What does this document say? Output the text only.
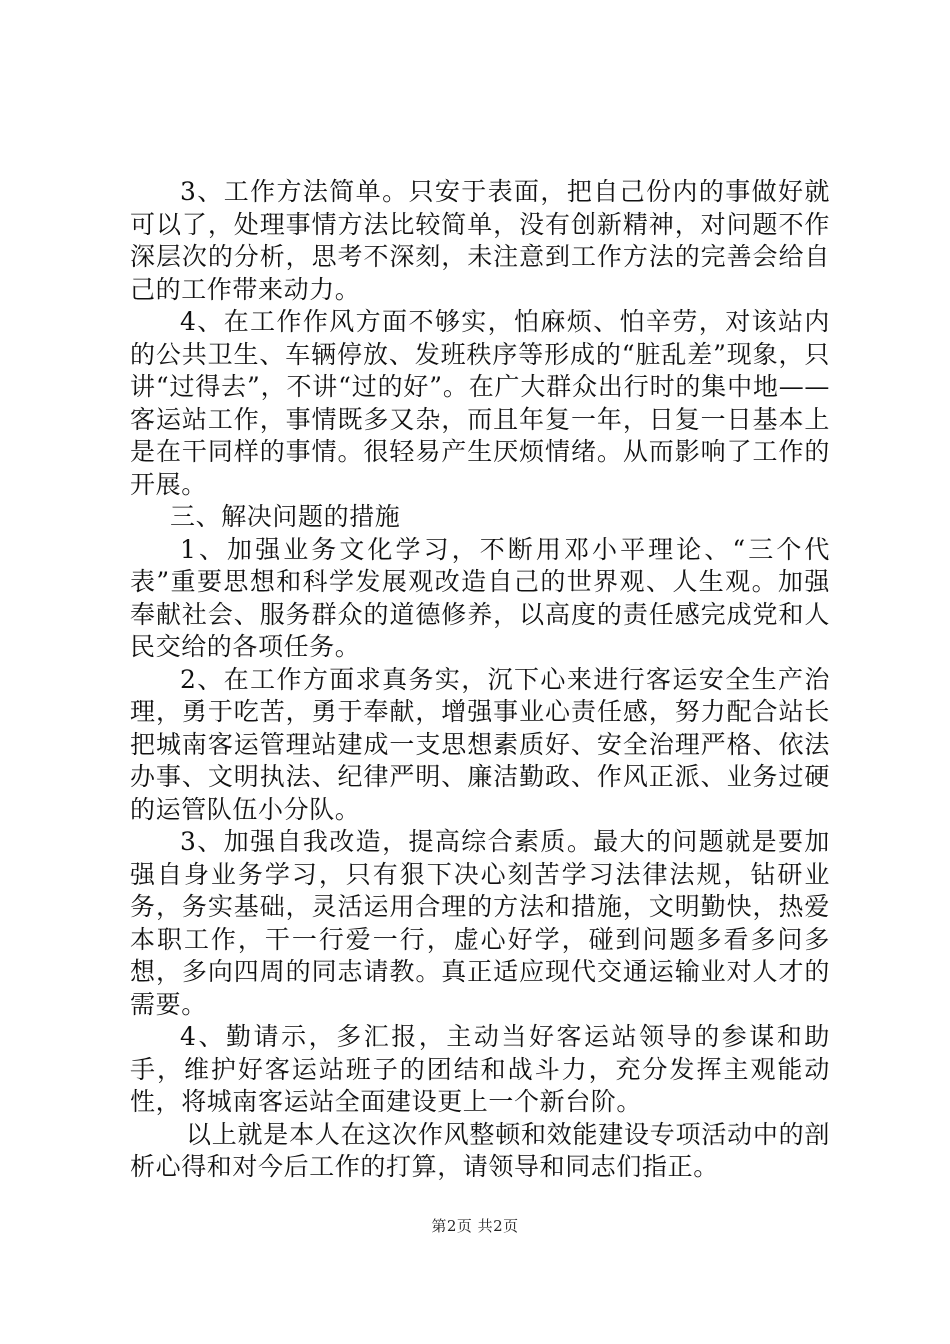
3、工作方法简单。只安于表面，把自己份内的事做好就可以了，处理事情方法比较简单，没有创新精神，对问题不作深层次的分析，思考不深刻，未注意到工作方法的完善会给自己的工作带来动力。

4、在工作作风方面不够实，怕麻烦、怕辛劳，对该站内的公共卫生、车辆停放、发班秩序等形成的“脏乱差”现象，只讲“过得去”，不讲“过的好”。在广大群众出行时的集中地——客运站工作，事情既多又杂，而且年复一年，日复一日基本上是在干同样的事情。很轻易产生厌烦情绪。从而影响了工作的开展。

三、解决问题的措施

1、加强业务文化学习，不断用邓小平理论、“三个代表”重要思想和科学发展观改造自己的世界观、人生观。加强奉献社会、服务群众的道德修养，以高度的责任感完成党和人民交给的各项任务。

2、在工作方面求真务实，沉下心来进行客运安全生产治理，勇于吃苦，勇于奉献，增强事业心责任感，努力配合站长把城南客运管理站建成一支思想素质好、安全治理严格、依法办事、文明执法、纪律严明、廉洁勤政、作风正派、业务过硬的运管队伍小分队。

3、加强自我改造，提高综合素质。最大的问题就是要加强自身业务学习，只有狠下决心刻苦学习法律法规，钻研业务，务实基础，灵活运用合理的方法和措施，文明勤快，热爱本职工作，干一行爱一行，虚心好学，碰到问题多看多问多想，多向四周的同志请教。真正适应现代交通运输业对人才的需要。

4、勤请示，多汇报，主动当好客运站领导的参谋和助手，维护好客运站班子的团结和战斗力，充分发挥主观能动性，将城南客运站全面建设更上一个新台阶。

以上就是本人在这次作风整顿和效能建设专项活动中的剖析心得和对今后工作的打算，请领导和同志们指正。

第2页 共2页
